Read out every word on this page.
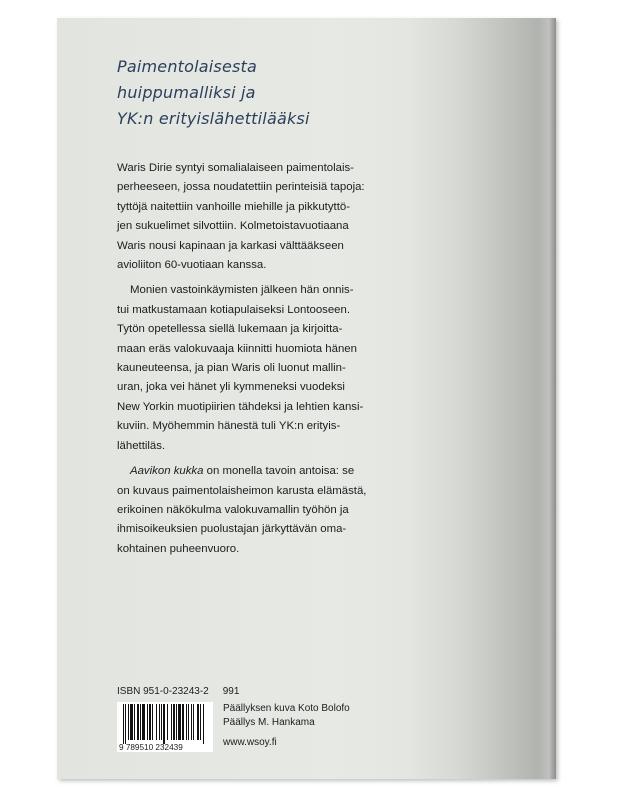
Paimentolaisesta
huippumalliksi ja
YK:n erityislähettilääksi

Waris Dirie syntyi somalialaiseen paimentolais-
perheeseen, jossa noudatettiin perinteisiä tapoja:
tyttöjä naitettiin vanhoille miehille ja pikkutyttö-
jen sukuelimet silvottiin. Kolmetoistavuotiaana
Waris nousi kapinaan ja karkasi välttääkseen
avioliiton 60-vuotiaan kanssa.

Monien vastoinkäymisten jälkeen hän onnis-
tui matkustamaan kotiapulaiseksi Lontooseen.
Tytön opetellessa siellä lukemaan ja kirjoitta-
maan eräs valokuvaaja kiinnitti huomiota hänen
kauneuteensa, ja pian Waris oli luonut mallin-
uran, joka vei hänet yli kymmeneksi vuodeksi
New Yorkin muotipiirien tähdeksi ja lehtien kansi-
kuviin. Myöhemmin hänestä tuli YK:n erityis-
lähettiläs.

Aavikon kukka on monella tavoin antoisa: se
on kuvaus paimentolaisheimon karusta elämästä,
erikoinen näkökulma valokuvamallin työhön ja
ihmisoikeuksien puolustajan järkyttävän oma-
kohtainen puheenvuoro.

ISBN 951-0-23243-2 991
9 789510 232439
Päällyksen kuva Koto Bolofo
Päällys M. Hankama
www.wsoy.fi
